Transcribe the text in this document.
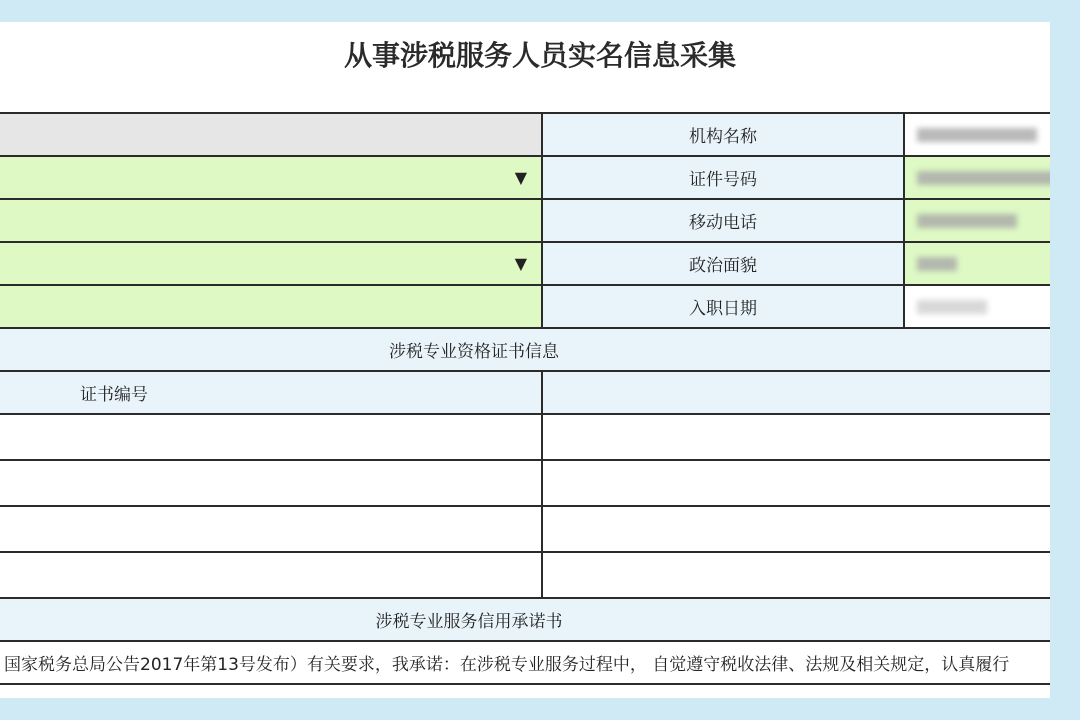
从事涉税服务人员实名信息采集
	机构名称	

▼	证件号码	
	移动电话	

▼	政治面貌	
	入职日期	
涉税专业资格证书信息		
证书编号		

涉税专业服务信用承诺书		
国家税务总局公告2017年第13号发布）有关要求，我承诺：在涉税专业服务过程中， 自觉遵守税收法律、法规及相关规定，认真履行		
